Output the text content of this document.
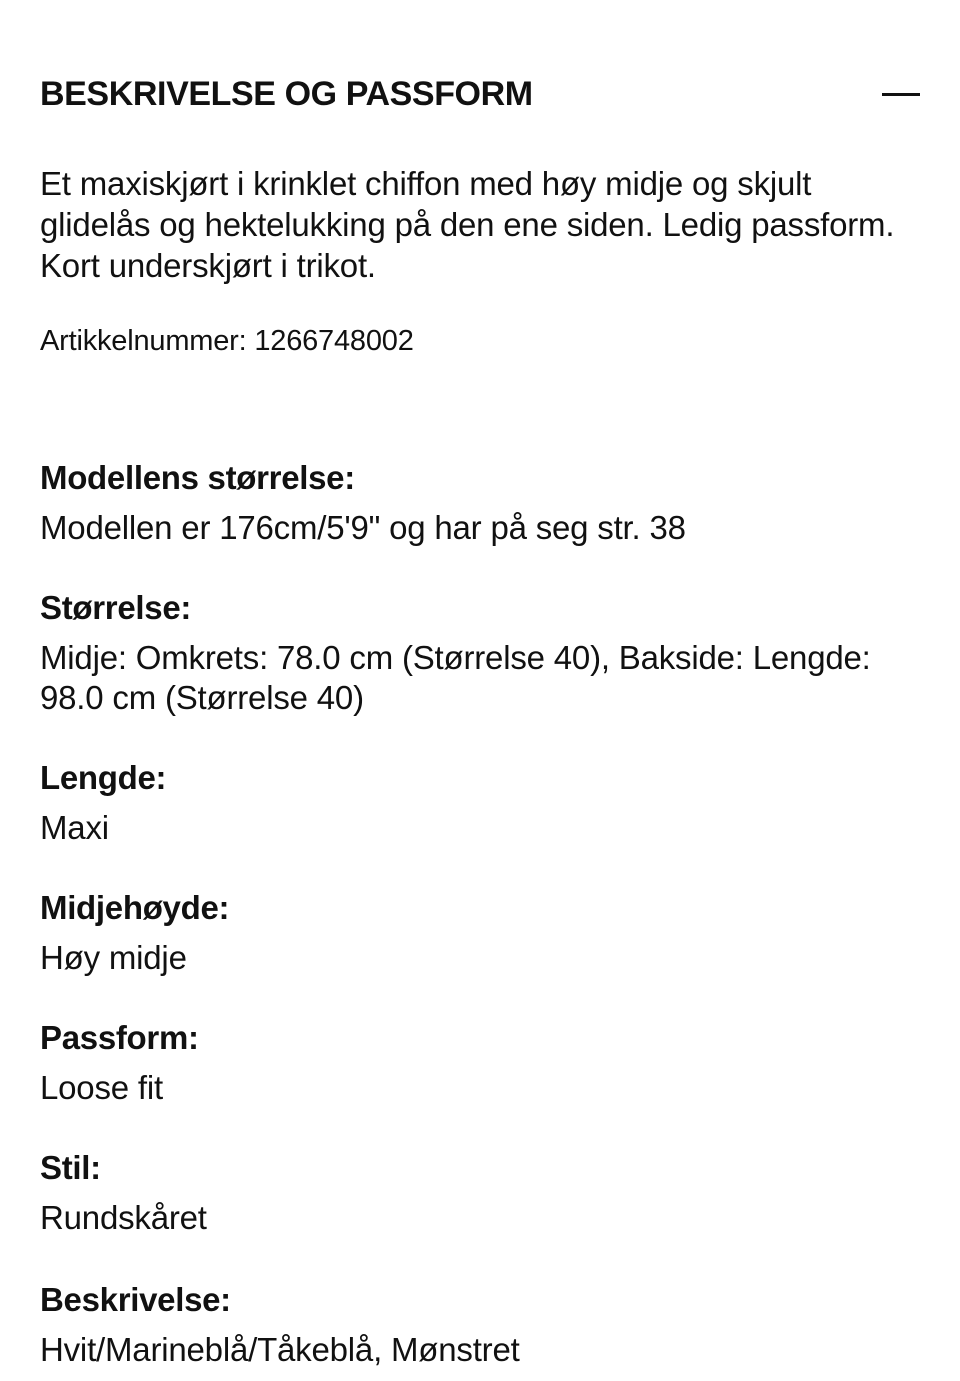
BESKRIVELSE OG PASSFORM

Et maxiskjørt i krinklet chiffon med høy midje og skjult glidelås og hektelukking på den ene siden. Ledig passform. Kort underskjørt i trikot.

Artikkelnummer: 1266748002

Modellens størrelse:

Modellen er 176cm/5'9" og har på seg str. 38

Størrelse:

Midje: Omkrets: 78.0 cm (Størrelse 40), Bakside: Lengde: 98.0 cm (Størrelse 40)

Lengde:

Maxi

Midjehøyde:

Høy midje

Passform:

Loose fit

Stil:

Rundskåret

Beskrivelse:

Hvit/Marineblå/Tåkeblå, Mønstret
